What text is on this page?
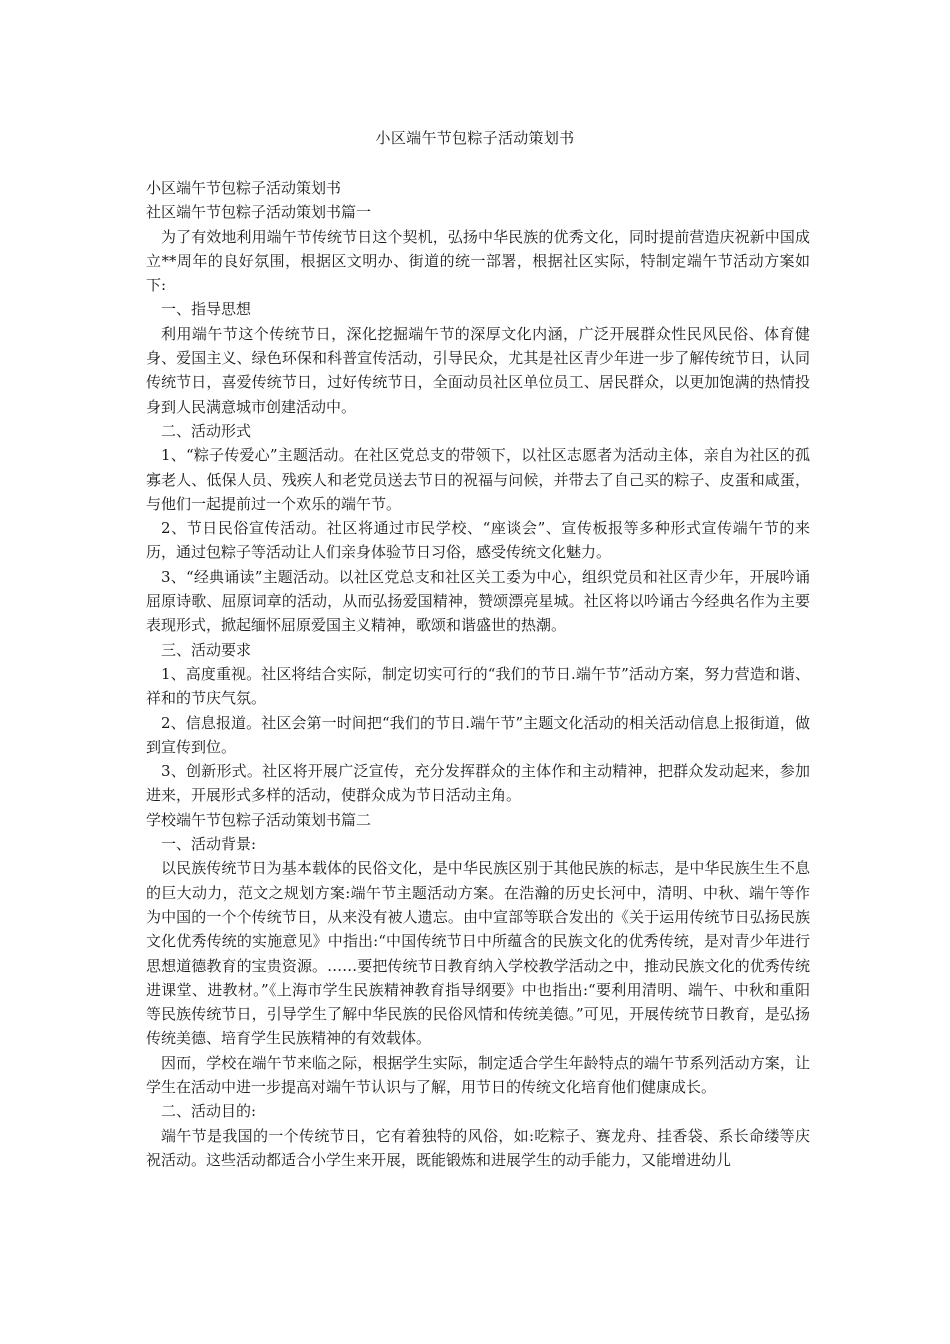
小区端午节包粽子活动策划书

小区端午节包粽子活动策划书

社区端午节包粽子活动策划书篇一

为了有效地利用端午节传统节日这个契机，弘扬中华民族的优秀文化，同时提前营造庆祝新中国成立**周年的良好氛围，根据区文明办、街道的统一部署，根据社区实际，特制定端午节活动方案如下:

一、指导思想

利用端午节这个传统节日，深化挖掘端午节的深厚文化内涵，广泛开展群众性民风民俗、体育健身、爱国主义、绿色环保和科普宣传活动，引导民众，尤其是社区青少年进一步了解传统节日，认同传统节日，喜爱传统节日，过好传统节日，全面动员社区单位员工、居民群众，以更加饱满的热情投身到人民满意城市创建活动中。

二、活动形式

1、“粽子传爱心”主题活动。在社区党总支的带领下，以社区志愿者为活动主体，亲自为社区的孤寡老人、低保人员、残疾人和老党员送去节日的祝福与问候，并带去了自己买的粽子、皮蛋和咸蛋，与他们一起提前过一个欢乐的端午节。

2、节日民俗宣传活动。社区将通过市民学校、“座谈会”、宣传板报等多种形式宣传端午节的来历，通过包粽子等活动让人们亲身体验节日习俗，感受传统文化魅力。

3、“经典诵读”主题活动。以社区党总支和社区关工委为中心，组织党员和社区青少年，开展吟诵屈原诗歌、屈原词章的活动，从而弘扬爱国精神，赞颂漂亮星城。社区将以吟诵古今经典名作为主要表现形式，掀起缅怀屈原爱国主义精神，歌颂和谐盛世的热潮。

三、活动要求

1、高度重视。社区将结合实际，制定切实可行的“我们的节日.端午节”活动方案，努力营造和谐、祥和的节庆气氛。

2、信息报道。社区会第一时间把“我们的节日.端午节”主题文化活动的相关活动信息上报街道，做到宣传到位。

3、创新形式。社区将开展广泛宣传，充分发挥群众的主体作和主动精神，把群众发动起来，参加进来，开展形式多样的活动，使群众成为节日活动主角。

学校端午节包粽子活动策划书篇二

一、活动背景:

以民族传统节日为基本载体的民俗文化，是中华民族区别于其他民族的标志，是中华民族生生不息的巨大动力，范文之规划方案:端午节主题活动方案。在浩瀚的历史长河中，清明、中秋、端午等作为中国的一个个传统节日，从来没有被人遗忘。由中宣部等联合发出的《关于运用传统节日弘扬民族文化优秀传统的实施意见》中指出:“中国传统节日中所蕴含的民族文化的优秀传统，是对青少年进行思想道德教育的宝贵资源。……要把传统节日教育纳入学校教学活动之中，推动民族文化的优秀传统进课堂、进教材。”《上海市学生民族精神教育指导纲要》中也指出:“要利用清明、端午、中秋和重阳等民族传统节日，引导学生了解中华民族的民俗风情和传统美德。”可见，开展传统节日教育，是弘扬传统美德、培育学生民族精神的有效载体。

因而，学校在端午节来临之际，根据学生实际，制定适合学生年龄特点的端午节系列活动方案，让学生在活动中进一步提高对端午节认识与了解，用节日的传统文化培育他们健康成长。

二、活动目的:

端午节是我国的一个传统节日，它有着独特的风俗，如:吃粽子、赛龙舟、挂香袋、系长命缕等庆祝活动。这些活动都适合小学生来开展，既能锻炼和进展学生的动手能力，又能增进幼儿
